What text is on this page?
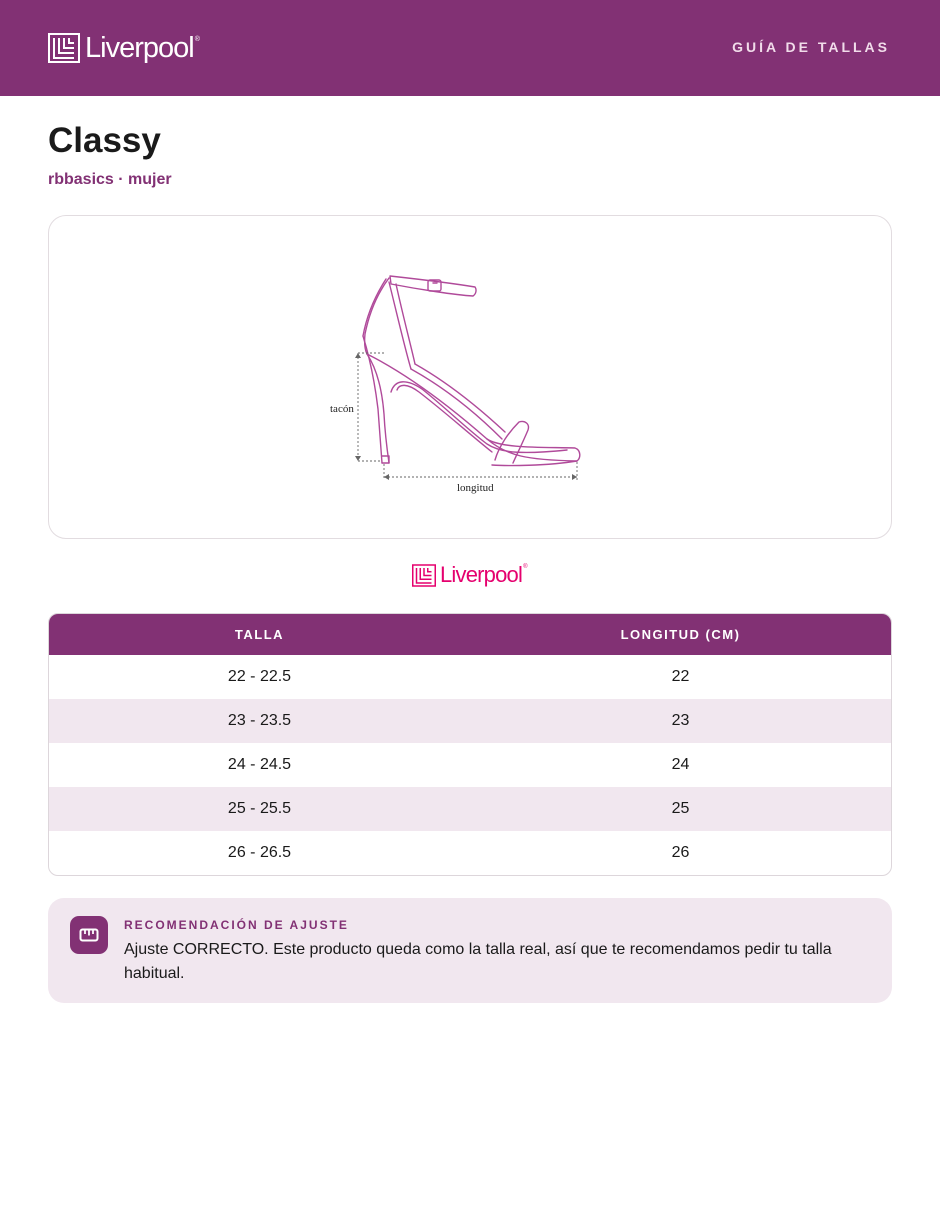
Liverpool ®	GUÍA DE TALLAS
Classy
rbbasics · mujer
tacón
longitud
Liverpool ®
TALLA	LONGITUD (CM)
22 - 22.5	22
23 - 23.5	23
24 - 24.5	24
25 - 25.5	25
26 - 26.5	26
RECOMENDACIÓN DE AJUSTE
Ajuste CORRECTO. Este producto queda como la talla real, así que te recomendamos pedir tu talla habitual.
